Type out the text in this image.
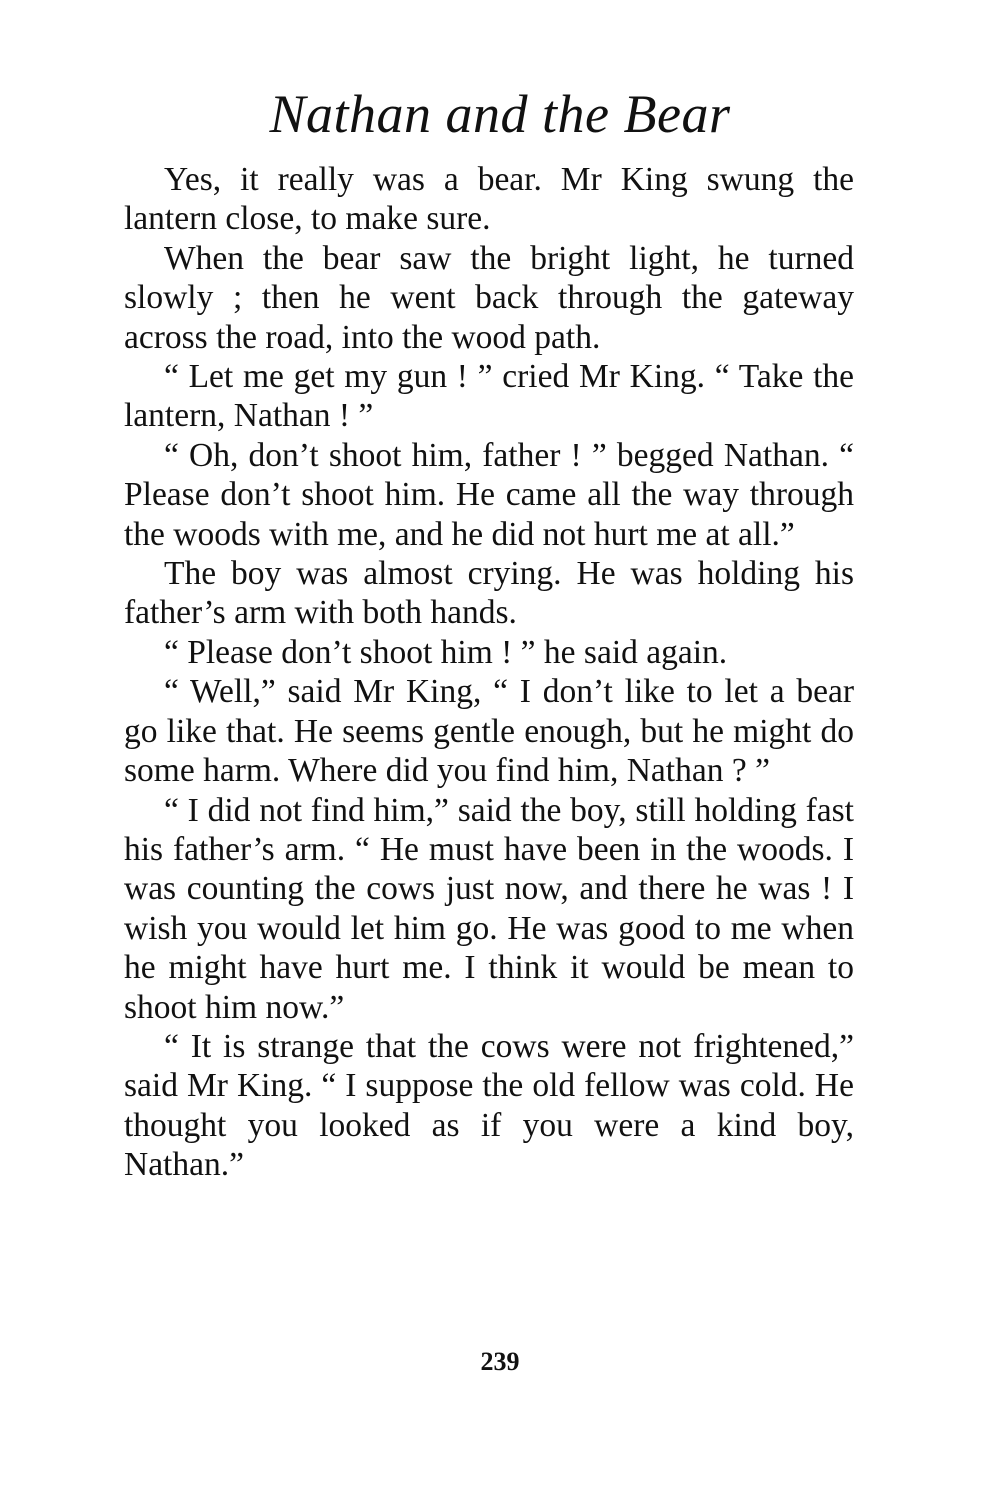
Nathan and the Bear

Yes, it really was a bear. Mr King swung the lantern close, to make sure.

When the bear saw the bright light, he turned slowly ; then he went back through the gateway across the road, into the wood path.

“ Let me get my gun ! ” cried Mr King. “ Take the lantern, Nathan ! ”

“ Oh, don’t shoot him, father ! ” begged Nathan. “ Please don’t shoot him. He came all the way through the woods with me, and he did not hurt me at all.”

The boy was almost crying. He was holding his father’s arm with both hands.

“ Please don’t shoot him ! ” he said again.

“ Well,” said Mr King, “ I don’t like to let a bear go like that. He seems gentle enough, but he might do some harm. Where did you find him, Nathan ? ”

“ I did not find him,” said the boy, still holding fast his father’s arm. “ He must have been in the woods. I was counting the cows just now, and there he was ! I wish you would let him go. He was good to me when he might have hurt me. I think it would be mean to shoot him now.”

“ It is strange that the cows were not frightened,” said Mr King. “ I suppose the old fellow was cold. He thought you looked as if you were a kind boy, Nathan.”

239
